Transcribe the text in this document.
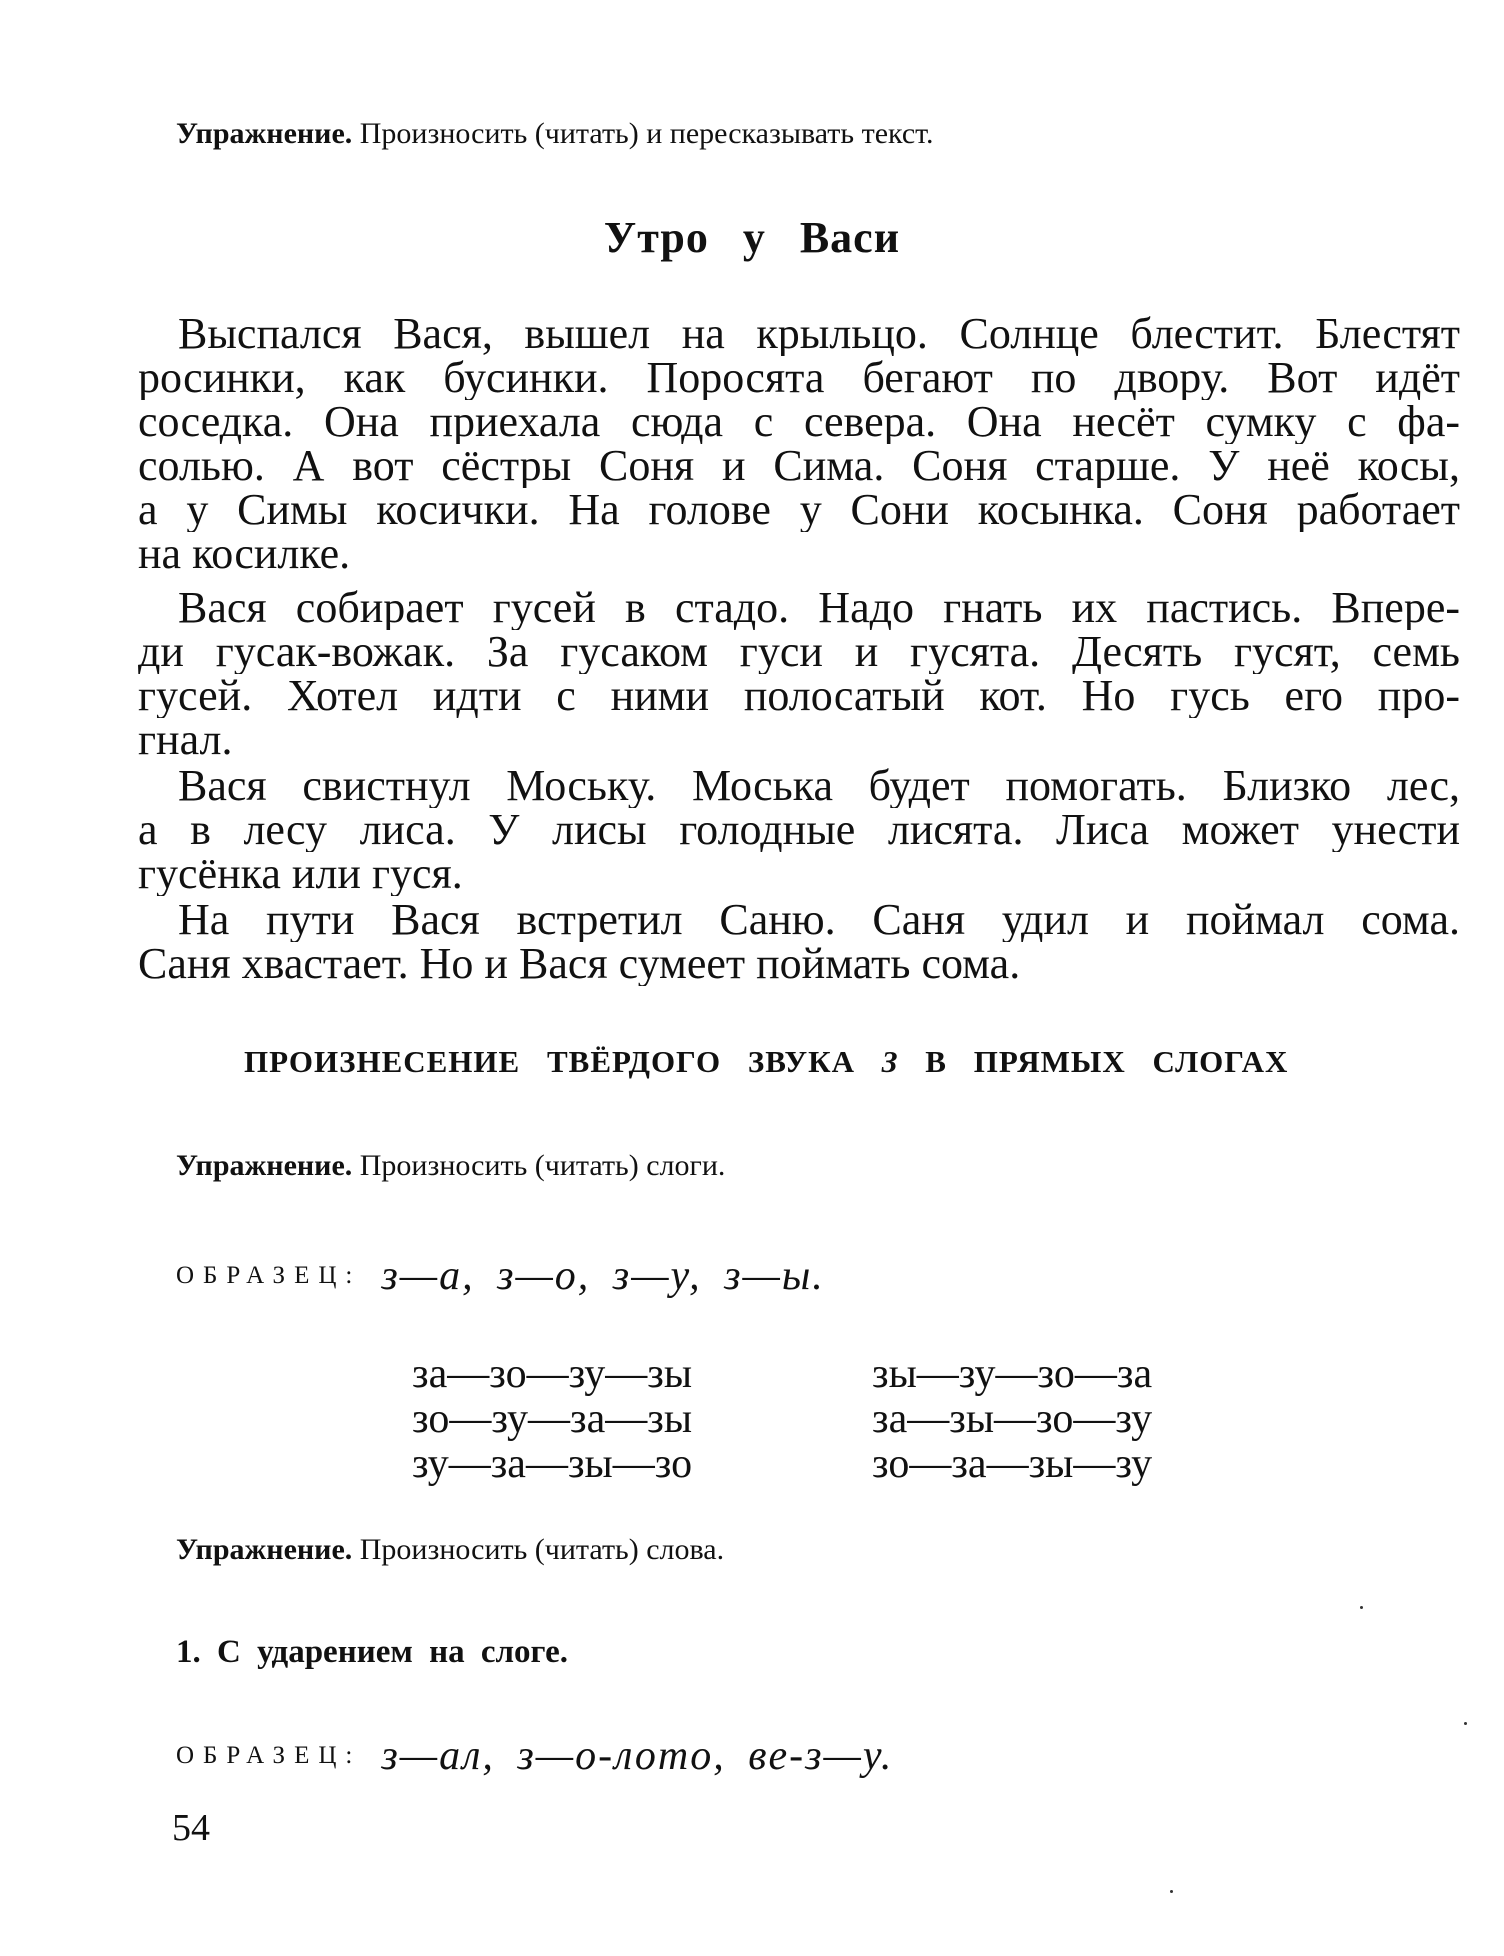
Упражнение. Произносить (читать) и пересказывать текст.
Утро у Васи
Выспался Вася, вышел на крыльцо. Солнце блестит. Блестят
росинки, как бусинки. Поросята бегают по двору. Вот идёт
соседка. Она приехала сюда с севера. Она несёт сумку с фа-
солью. А вот сёстры Соня и Сима. Соня старше. У неё косы,
а у Симы косички. На голове у Сони косынка. Соня работает
на косилке.
Вася собирает гусей в стадо. Надо гнать их пастись. Впере-
ди гусак-вожак. За гусаком гуси и гусята. Десять гусят, семь
гусей. Хотел идти с ними полосатый кот. Но гусь его про-
гнал.
Вася свистнул Моську. Моська будет помогать. Близко лес,
а в лесу лиса. У лисы голодные лисята. Лиса может унести
гусёнка или гуся.
На пути Вася встретил Саню. Саня удил и поймал сома.
Саня хвастает. Но и Вася сумеет поймать сома.
ПРОИЗНЕСЕНИЕ ТВЁРДОГО ЗВУКА З В ПРЯМЫХ СЛОГАХ
Упражнение. Произносить (читать) слоги.
ОБРАЗЕЦ: з—а, з—о, з—у, з—ы.
за—зо—зу—зы
зо—зу—за—зы
зу—за—зы—зо
зы—зу—зо—за
за—зы—зо—зу
зо—за—зы—зу
Упражнение. Произносить (читать) слова.
1. С ударением на слоге.
ОБРАЗЕЦ: з—ал, з—о-лото, ве-з—у.
54
